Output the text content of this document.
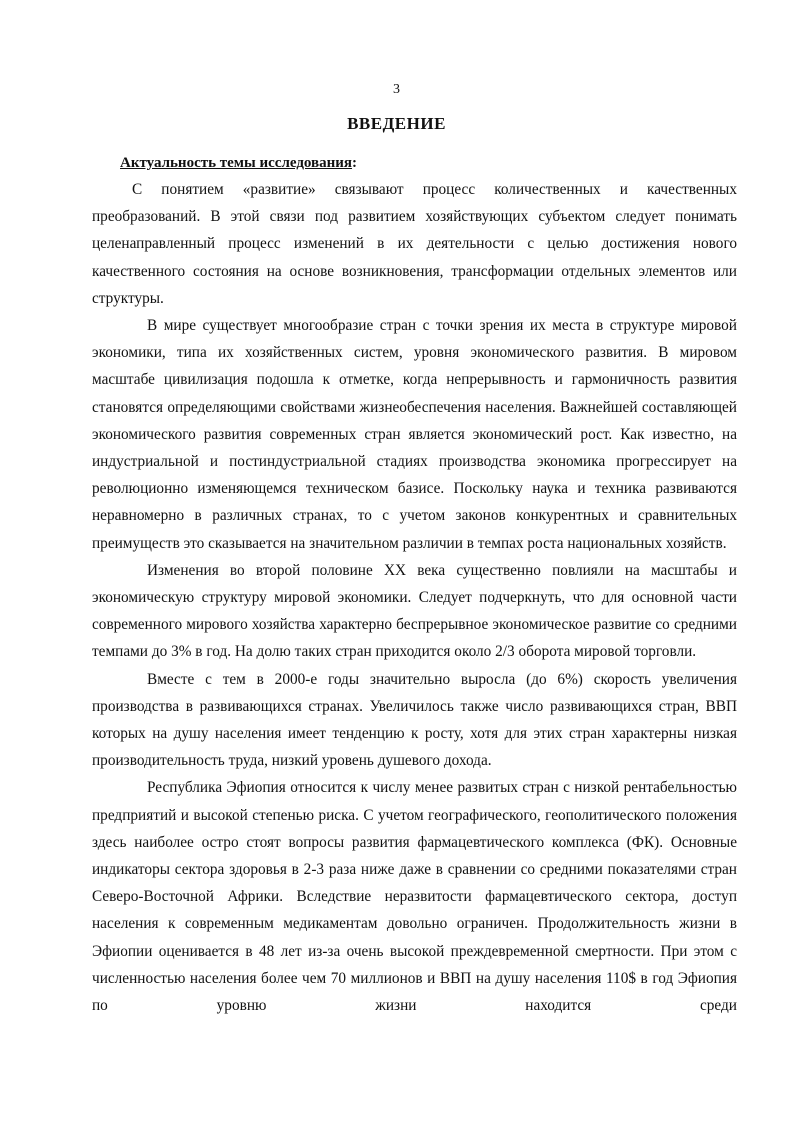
3
ВВЕДЕНИЕ
Актуальность темы исследования:

С понятием «развитие» связывают процесс количественных и качественных преобразований. В этой связи под развитием хозяйствующих субъектом следует понимать целенаправленный процесс изменений в их деятельности с целью достижения нового качественного состояния на основе возникновения, трансформации отдельных элементов или структуры.

В мире существует многообразие стран с точки зрения их места в структуре мировой экономики, типа их хозяйственных систем, уровня экономического развития. В мировом масштабе цивилизация подошла к отметке, когда непрерывность и гармоничность развития становятся определяющими свойствами жизнеобеспечения населения. Важнейшей составляющей экономического развития современных стран является экономический рост. Как известно, на индустриальной и постиндустриальной стадиях производства экономика прогрессирует на революционно изменяющемся техническом базисе. Поскольку наука и техника развиваются неравномерно в различных странах, то с учетом законов конкурентных и сравнительных преимуществ это сказывается на значительном различии в темпах роста национальных хозяйств.

Изменения во второй половине XX века существенно повлияли на масштабы и экономическую структуру мировой экономики. Следует подчеркнуть, что для основной части современного мирового хозяйства характерно беспрерывное экономическое развитие со средними темпами до 3% в год. На долю таких стран приходится около 2/3 оборота мировой торговли.

Вместе с тем в 2000-е годы значительно выросла (до 6%) скорость увеличения производства в развивающихся странах. Увеличилось также число развивающихся стран, ВВП которых на душу населения имеет тенденцию к росту, хотя для этих стран характерны низкая производительность труда, низкий уровень душевого дохода.

Республика Эфиопия относится к числу менее развитых стран с низкой рентабельностью предприятий и высокой степенью риска. С учетом географического, геополитического положения здесь наиболее остро стоят вопросы развития фармацевтического комплекса (ФК). Основные индикаторы сектора здоровья в 2-3 раза ниже даже в сравнении со средними показателями стран Северо-Восточной Африки. Вследствие неразвитости фармацевтического сектора, доступ населения к современным медикаментам довольно ограничен. Продолжительность жизни в Эфиопии оценивается в 48 лет из-за очень высокой преждевременной смертности. При этом с численностью населения более чем 70 миллионов и ВВП на душу населения 110$ в год Эфиопия по уровню жизни находится среди
